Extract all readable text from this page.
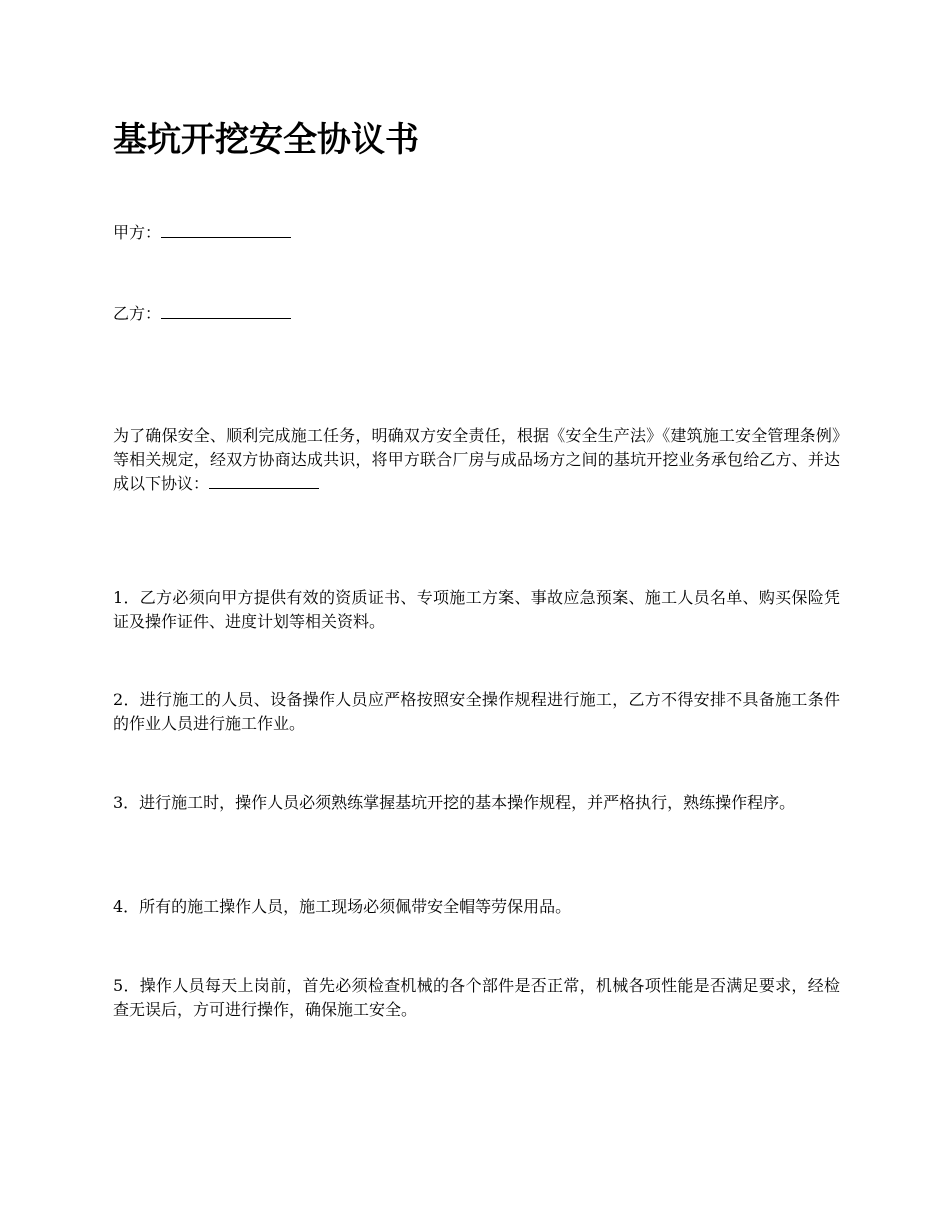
基坑开挖安全协议书
甲方：
乙方：
为了确保安全、顺利完成施工任务，明确双方安全责任，根据《安全生产法》《建筑施工安全管理条例》等相关规定，经双方协商达成共识，将甲方联合厂房与成品场方之间的基坑开挖业务承包给乙方、并达成以下协议：
1．乙方必须向甲方提供有效的资质证书、专项施工方案、事故应急预案、施工人员名单、购买保险凭证及操作证件、进度计划等相关资料。
2．进行施工的人员、设备操作人员应严格按照安全操作规程进行施工，乙方不得安排不具备施工条件的作业人员进行施工作业。
3．进行施工时，操作人员必须熟练掌握基坑开挖的基本操作规程，并严格执行，熟练操作程序。
4．所有的施工操作人员，施工现场必须佩带安全帽等劳保用品。
5．操作人员每天上岗前，首先必须检查机械的各个部件是否正常，机械各项性能是否满足要求，经检查无误后，方可进行操作，确保施工安全。
